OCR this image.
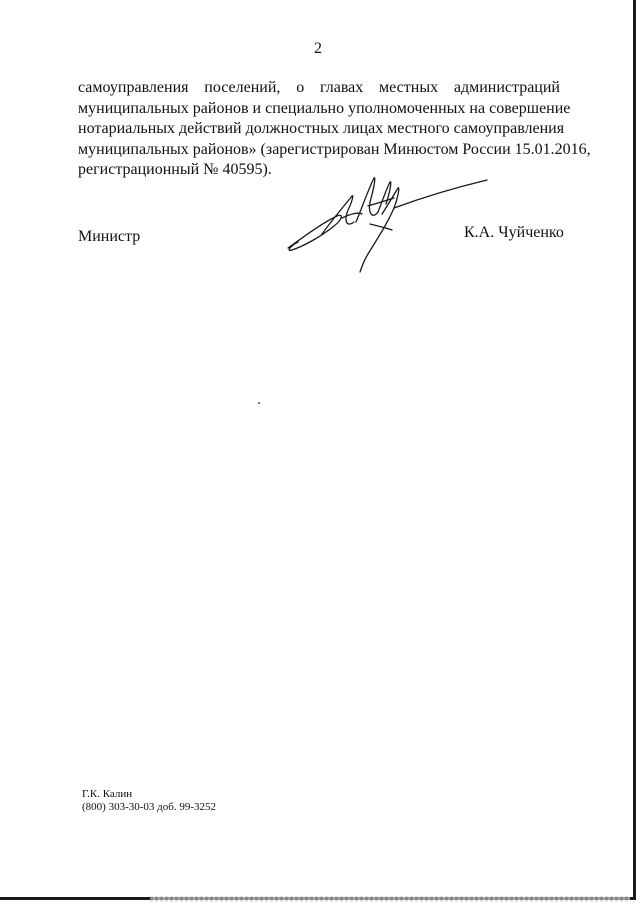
2

самоуправления поселений, о главах местных администраций
муниципальных районов и специально уполномоченных на совершение
нотариальных действий должностных лицах местного самоуправления
муниципальных районов» (зарегистрирован Минюстом России 15.01.2016,
регистрационный № 40595).

Министр	К.А. Чуйченко
Г.К. Калин
(800) 303-30-03 доб. 99-3252
